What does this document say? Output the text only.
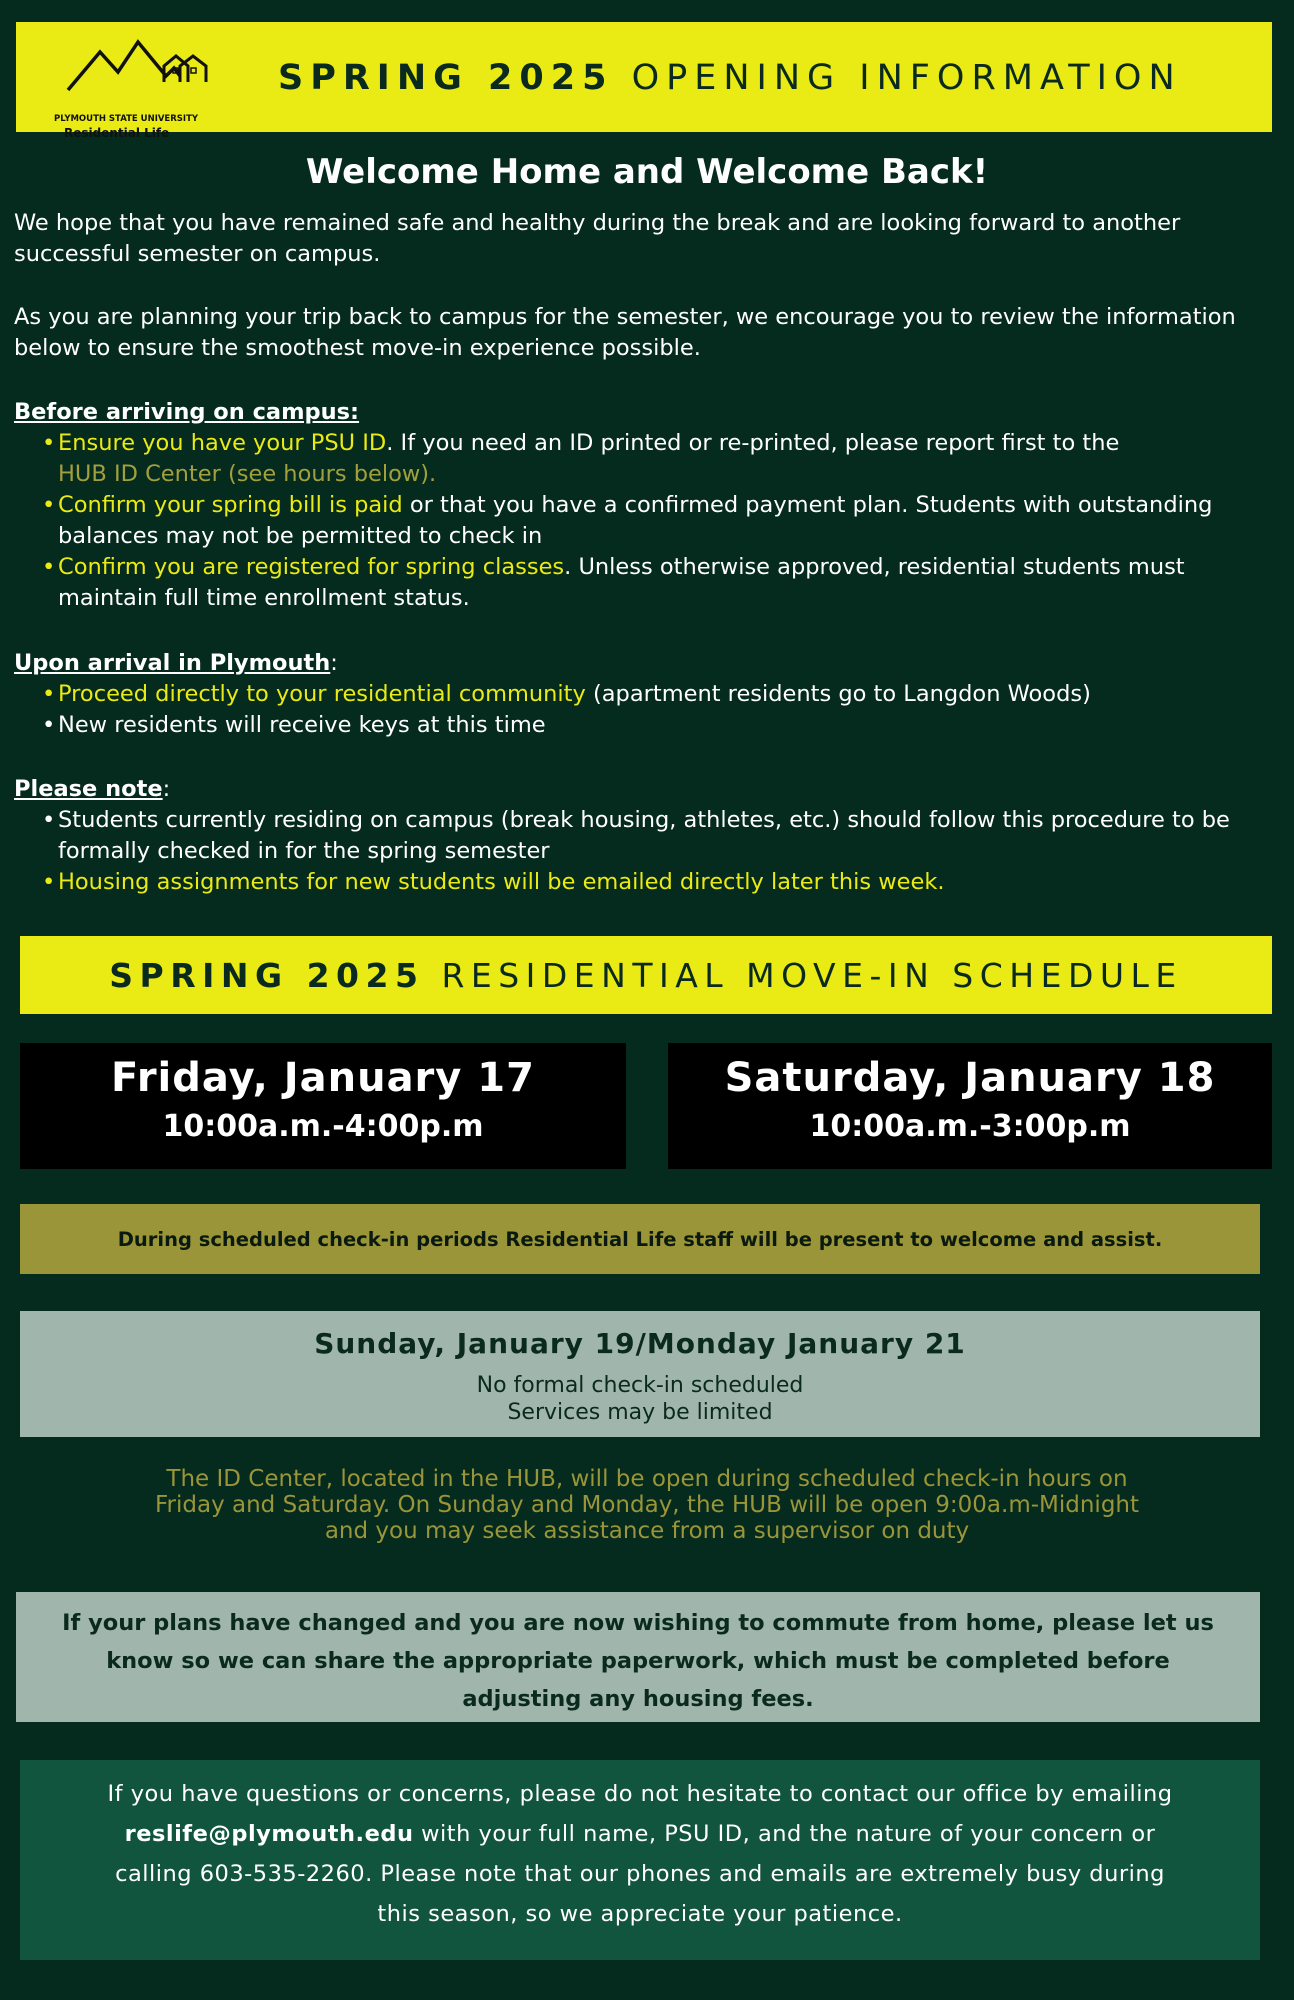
PLYMOUTH STATE UNIVERSITY
Residential Life
SPRING 2025 OPENING INFORMATION
Welcome Home and Welcome Back!
We hope that you have remained safe and healthy during the break and are looking forward to another successful semester on campus.
As you are planning your trip back to campus for the semester, we encourage you to review the information below to ensure the smoothest move-in experience possible.
Before arriving on campus:
• Ensure you have your PSU ID. If you need an ID printed or re-printed, please report first to the
HUB ID Center (see hours below).
• Confirm your spring bill is paid or that you have a confirmed payment plan. Students with outstanding balances may not be permitted to check in
• Confirm you are registered for spring classes. Unless otherwise approved, residential students must maintain full time enrollment status.
Upon arrival in Plymouth:
• Proceed directly to your residential community (apartment residents go to Langdon Woods)
• New residents will receive keys at this time
Please note:
• Students currently residing on campus (break housing, athletes, etc.) should follow this procedure to be formally checked in for the spring semester
• Housing assignments for new students will be emailed directly later this week.
SPRING 2025 RESIDENTIAL MOVE-IN SCHEDULE
Friday, January 17
10:00a.m.-4:00p.m
Saturday, January 18
10:00a.m.-3:00p.m
During scheduled check-in periods Residential Life staff will be present to welcome and assist.
Sunday, January 19/Monday January 21
No formal check-in scheduled
Services may be limited
The ID Center, located in the HUB, will be open during scheduled check-in hours on
Friday and Saturday. On Sunday and Monday, the HUB will be open 9:00a.m-Midnight
and you may seek assistance from a supervisor on duty
If your plans have changed and you are now wishing to commute from home, please let us
know so we can share the appropriate paperwork, which must be completed before
adjusting any housing fees.
If you have questions or concerns, please do not hesitate to contact our office by emailing
reslife@plymouth.edu with your full name, PSU ID, and the nature of your concern or
calling 603-535-2260. Please note that our phones and emails are extremely busy during
this season, so we appreciate your patience.
